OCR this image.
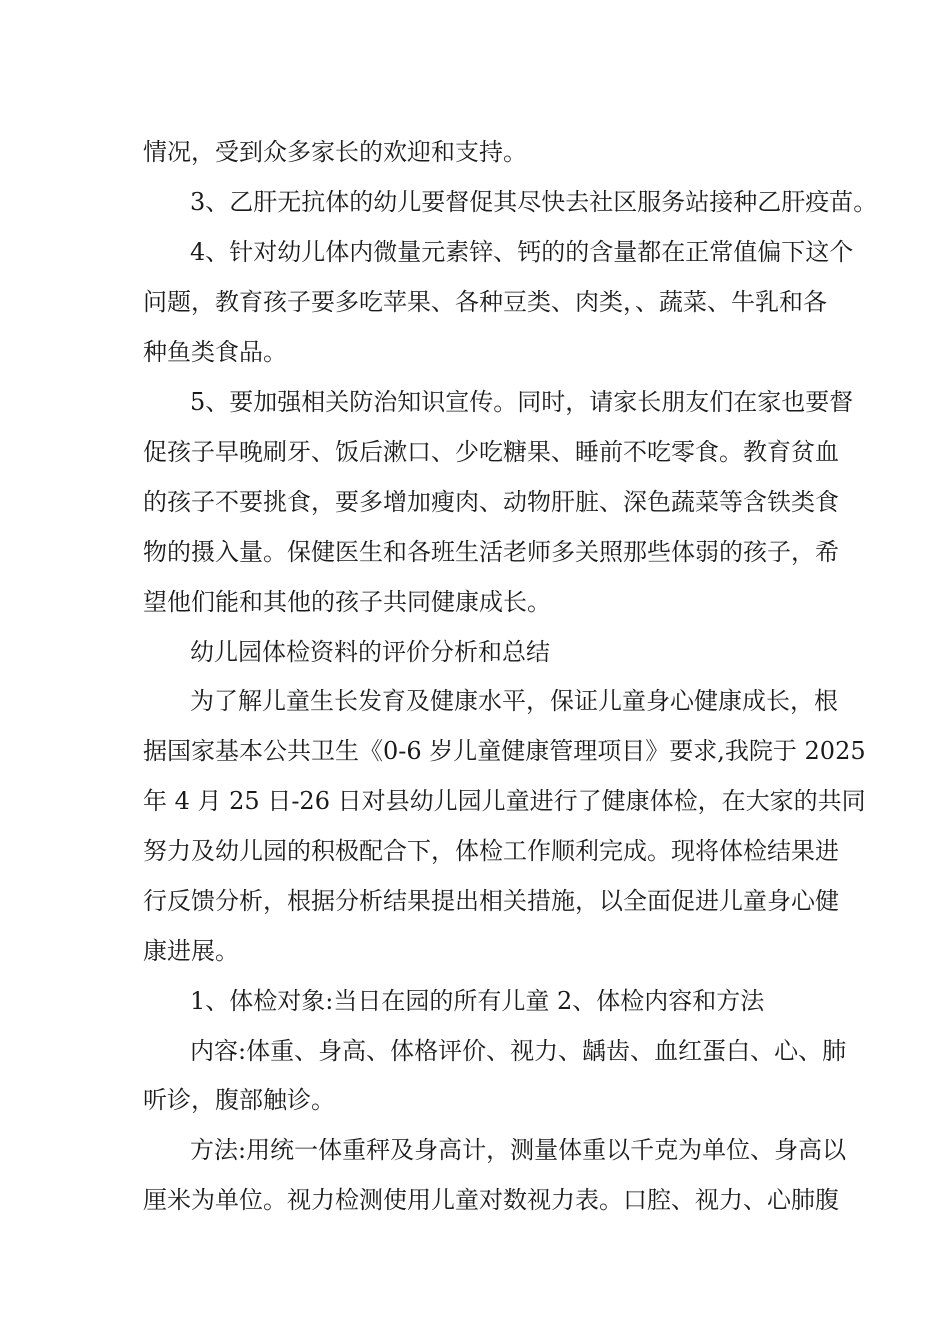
情况，受到众多家长的欢迎和支持。

3、乙肝无抗体的幼儿要督促其尽快去社区服务站接种乙肝疫苗。

4、针对幼儿体内微量元素锌、钙的的含量都在正常值偏下这个

问题，教育孩子要多吃苹果、各种豆类、肉类，、蔬菜、牛乳和各

种鱼类食品。

5、要加强相关防治知识宣传。同时，请家长朋友们在家也要督

促孩子早晚刷牙、饭后漱口、少吃糖果、睡前不吃零食。教育贫血

的孩子不要挑食，要多增加瘦肉、动物肝脏、深色蔬菜等含铁类食

物的摄入量。保健医生和各班生活老师多关照那些体弱的孩子，希

望他们能和其他的孩子共同健康成长。

幼儿园体检资料的评价分析和总结

为了解儿童生长发育及健康水平，保证儿童身心健康成长，根

据国家基本公共卫生《0-6 岁儿童健康管理项目》要求,我院于 2025

年 4 月 25 日-26 日对县幼儿园儿童进行了健康体检，在大家的共同

努力及幼儿园的积极配合下，体检工作顺利完成。现将体检结果进

行反馈分析，根据分析结果提出相关措施，以全面促进儿童身心健

康进展。

1、体检对象:当日在园的所有儿童 2、体检内容和方法

内容:体重、身高、体格评价、视力、龋齿、血红蛋白、心、肺

听诊，腹部触诊。

方法:用统一体重秤及身高计，测量体重以千克为单位、身高以

厘米为单位。视力检测使用儿童对数视力表。口腔、视力、心肺腹
